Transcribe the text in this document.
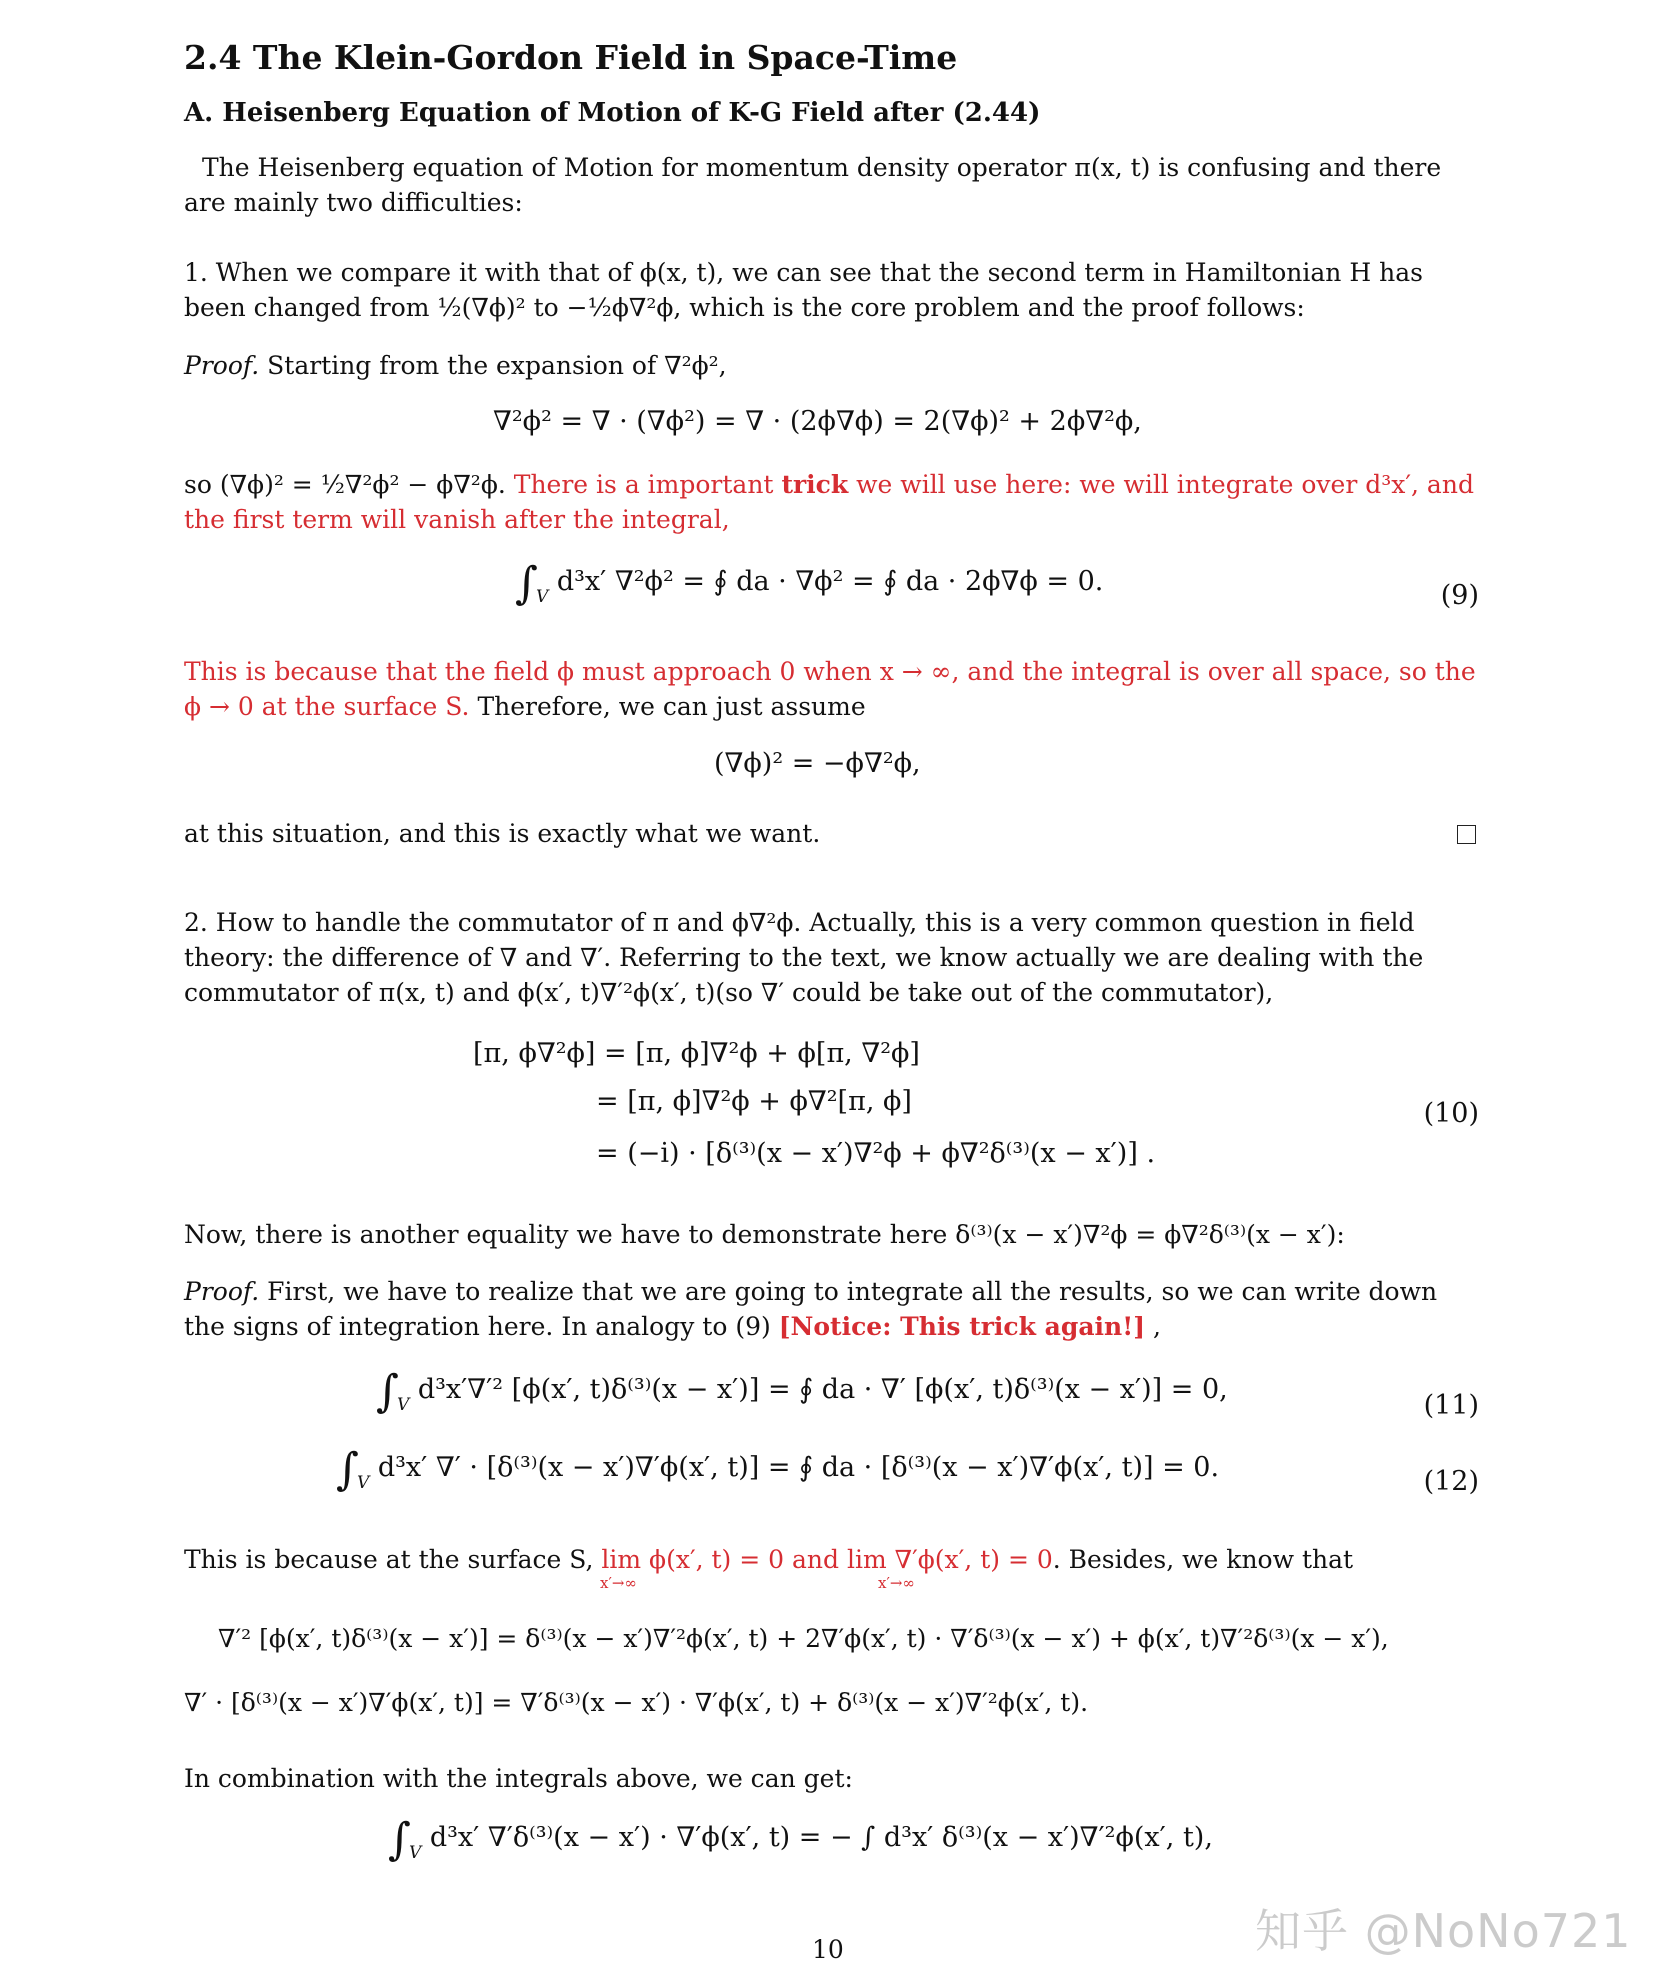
2.4 The Klein-Gordon Field in Space-Time
A. Heisenberg Equation of Motion of K-G Field after (2.44)

The Heisenberg equation of Motion for momentum density operator π(x, t) is confusing and there are mainly two difficulties:

1. When we compare it with that of ϕ(x, t), we can see that the second term in Hamiltonian H has been changed from ½(∇ϕ)² to −½ϕ∇²ϕ, which is the core problem and the proof follows:

Proof. Starting from the expansion of ∇²ϕ²,

∇²ϕ² = ∇ · (∇ϕ²) = ∇ · (2ϕ∇ϕ) = 2(∇ϕ)² + 2ϕ∇²ϕ,

so (∇ϕ)² = ½∇²ϕ² − ϕ∇²ϕ. There is a important trick we will use here: we will integrate over d³x′, and the first term will vanish after the integral,

$\int_V$ d³x′ ∇²ϕ² = ∮ da · ∇ϕ² = ∮ da · 2ϕ∇ϕ = 0.	(9)

This is because that the field ϕ must approach 0 when x → ∞, and the integral is over all space, so the ϕ → 0 at the surface S. Therefore, we can just assume

(∇ϕ)² = −ϕ∇²ϕ,

at this situation, and this is exactly what we want.

2. How to handle the commutator of π and ϕ∇²ϕ. Actually, this is a very common question in field theory: the difference of ∇ and ∇′. Referring to the text, we know actually we are dealing with the commutator of π(x, t) and ϕ(x′, t)∇′²ϕ(x′, t)(so ∇′ could be take out of the commutator),

[π, ϕ∇²ϕ] = [π, ϕ]∇²ϕ + ϕ[π, ∇²ϕ]
= [π, ϕ]∇²ϕ + ϕ∇²[π, ϕ]
= (−i) · [δ⁽³⁾(x − x′)∇²ϕ + ϕ∇²δ⁽³⁾(x − x′)] .
(10)

Now, there is another equality we have to demonstrate here δ⁽³⁾(x − x′)∇²ϕ = ϕ∇²δ⁽³⁾(x − x′):

Proof. First, we have to realize that we are going to integrate all the results, so we can write down the signs of integration here. In analogy to (9) [Notice: This trick again!] ,

$\int_V$ d³x′∇′² [ϕ(x′, t)δ⁽³⁾(x − x′)] = ∮ da · ∇′ [ϕ(x′, t)δ⁽³⁾(x − x′)] = 0,
(11)
$\int_V$ d³x′ ∇′ · [δ⁽³⁾(x − x′)∇′ϕ(x′, t)] = ∮ da · [δ⁽³⁾(x − x′)∇′ϕ(x′, t)] = 0.	(12)

This is because at the surface S, lim ϕ(x′, t) = 0 and lim ∇′ϕ(x′, t) = 0. Besides, we know that

x′→∞	x′→∞
∇′² [ϕ(x′, t)δ⁽³⁾(x − x′)] = δ⁽³⁾(x − x′)∇′²ϕ(x′, t) + 2∇′ϕ(x′, t) · ∇′δ⁽³⁾(x − x′) + ϕ(x′, t)∇′²δ⁽³⁾(x − x′),
∇′ · [δ⁽³⁾(x − x′)∇′ϕ(x′, t)] = ∇′δ⁽³⁾(x − x′) · ∇′ϕ(x′, t) + δ⁽³⁾(x − x′)∇′²ϕ(x′, t).

In combination with the integrals above, we can get:

$\int_V$ d³x′ ∇′δ⁽³⁾(x − x′) · ∇′ϕ(x′, t) = − ∫ d³x′ δ⁽³⁾(x − x′)∇′²ϕ(x′, t),
10	知乎 @NoNo721
